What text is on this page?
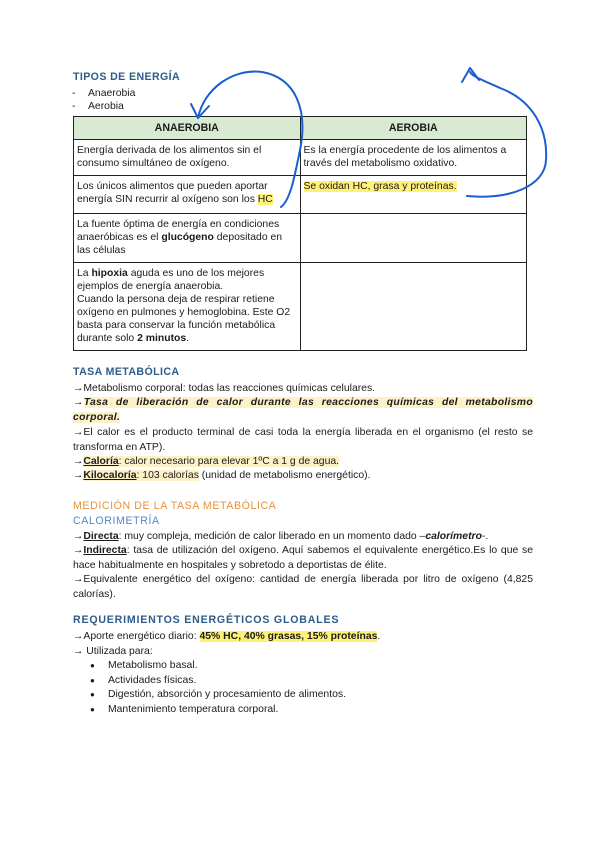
TIPOS DE ENERGÍA
- Anaerobia
- Aerobia
ANAEROBIA	AEROBIA
Energía derivada de los alimentos sin el consumo simultáneo de oxígeno.	Es la energía procedente de los alimentos a través del metabolismo oxidativo.
Los únicos alimentos que pueden aportar energía SIN recurrir al oxígeno son los HC	Se oxidan HC, grasa y proteínas.
La fuente óptima de energía en condiciones anaeróbicas es el glucógeno depositado en las células	
La hipoxia aguda es uno de los mejores ejemplos de energía anaerobia.
Cuando la persona deja de respirar retiene oxígeno en pulmones y hemoglobina. Este O2 basta para conservar la función metabólica durante solo 2 minutos.	
TASA METABÓLICA
→Metabolismo corporal: todas las reacciones químicas celulares.
→Tasa de liberación de calor durante las reacciones químicas del metabolismo corporal.
→El calor es el producto terminal de casi toda la energía liberada en el organismo (el resto se transforma en ATP).
→Caloría: calor necesario para elevar 1ºC a 1 g de agua.
→Kilocaloría: 103 calorías (unidad de metabolismo energético).
MEDICIÓN DE LA TASA METABÓLICA
CALORIMETRÍA
→Directa: muy compleja, medición de calor liberado en un momento dado –calorímetro-.
→Indirecta: tasa de utilización del oxígeno. Aquí sabemos el equivalente energético.Es lo que se hace habitualmente en hospitales y sobretodo a deportistas de élite.
→Equivalente energético del oxígeno: cantidad de energía liberada por litro de oxígeno (4,825 calorías).
REQUERIMIENTOS ENERGÉTICOS GLOBALES
→Aporte energético diario: 45% HC, 40% grasas, 15% proteínas.
→ Utilizada para:
● Metabolismo basal.
● Actividades físicas.
● Digestión, absorción y procesamiento de alimentos.
● Mantenimiento temperatura corporal.
